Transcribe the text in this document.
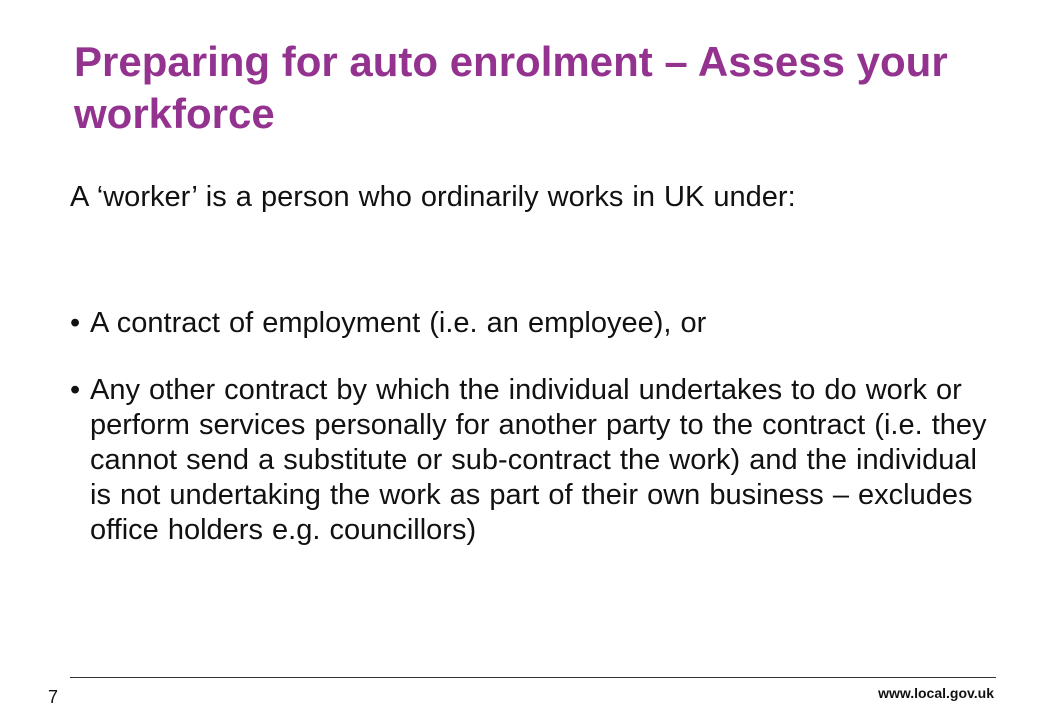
Preparing for auto enrolment – Assess your workforce

A ‘worker’ is a person who ordinarily works in UK under:

• A contract of employment (i.e. an employee), or
• Any other contract by which the individual undertakes to do work or perform services personally for another party to the contract (i.e. they cannot send a substitute or sub-contract the work) and the individual is not undertaking the work as part of their own business – excludes office holders e.g. councillors)
7	www.local.gov.uk
